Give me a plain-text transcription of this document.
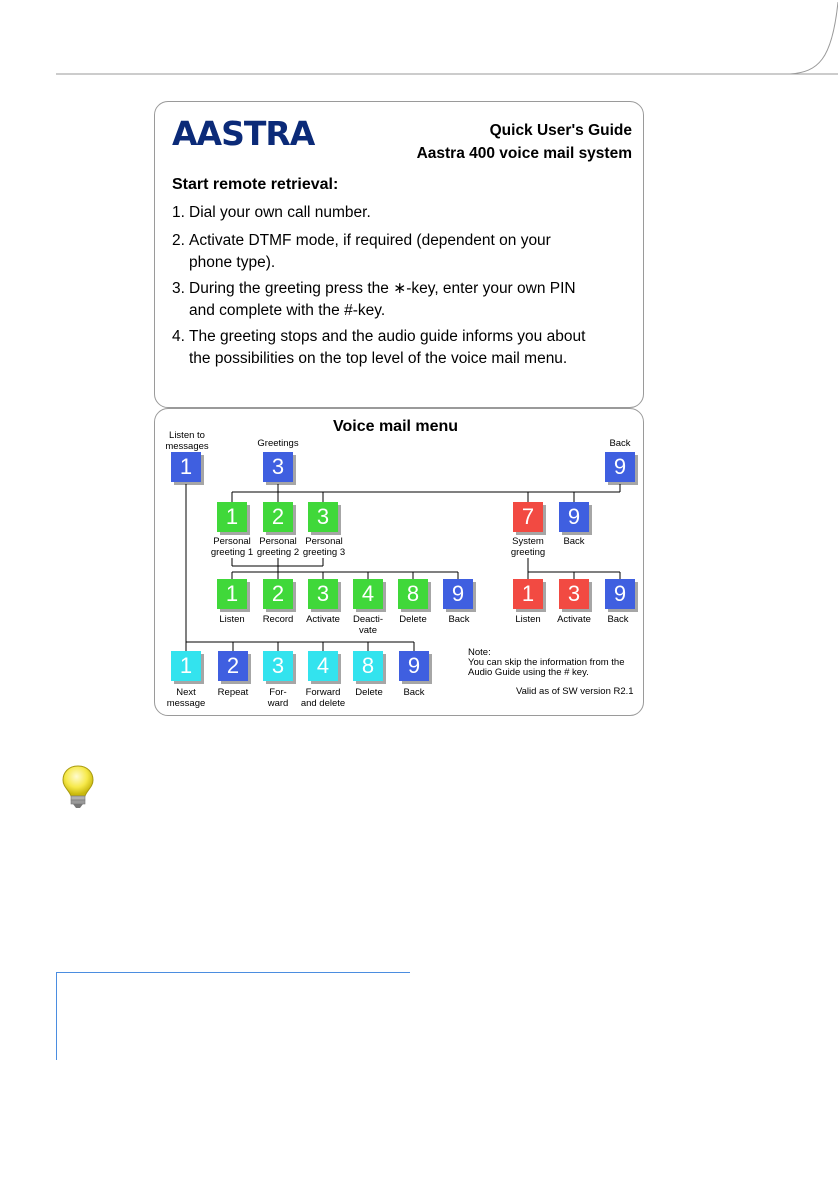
AASTRA	Quick User's Guide
Aastra 400 voice mail system
Start remote retrieval:
1. Dial your own call number.
2. Activate DTMF mode, if required (dependent on your
phone type).
3. During the greeting press the ∗-key, enter your own PIN
and complete with the #-key.
4. The greeting stops and the audio guide informs you about
the possibilities on the top level of the voice mail menu.
Voice mail menu
Listen to
messages
1
Greetings
3
Back
9
1	2	3
Personal
greeting 1
Personal
greeting 2
Personal
greeting 3
7
System
greeting
9
Back
1	2	3	4	8	9
Listen	Record	Activate	Deacti-
vate
Delete	Back
1	3	9
Listen	Activate	Back
1	2	3	4	8	9
Next
message
Repeat	For-
ward
Forward
and delete
Delete	Back
Note:
You can skip the information from the
Audio Guide using the # key.
Valid as of SW version R2.1
